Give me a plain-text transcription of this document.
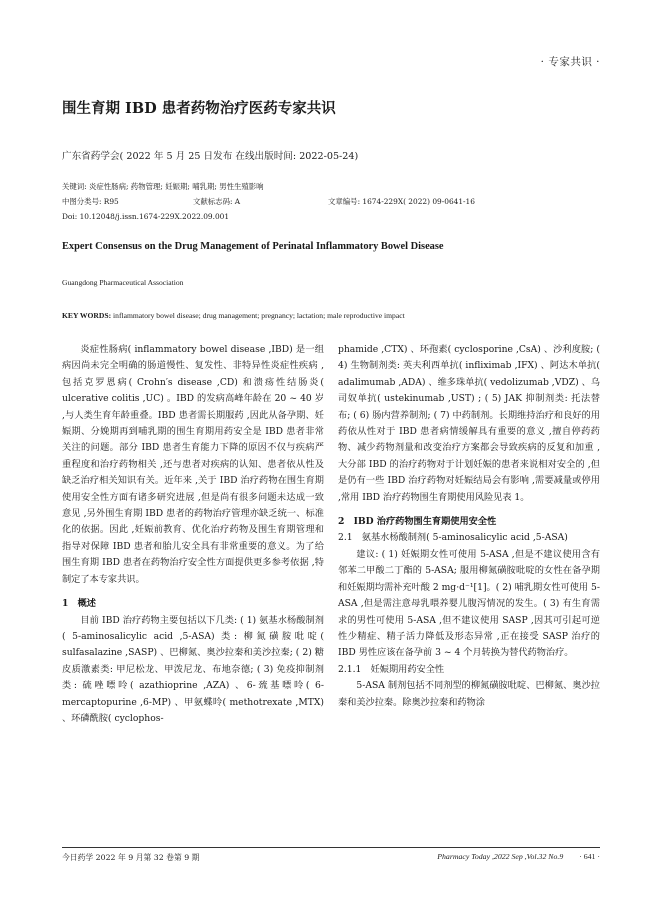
· 专家共识 ·
围生育期 IBD 患者药物治疗医药专家共识
广东省药学会( 2022 年 5 月 25 日发布 在线出版时间: 2022-05-24)
关键词: 炎症性肠病; 药物管理; 妊娠期; 哺乳期; 男性生殖影响
中图分类号: R95	文献标志码: A	文章编号: 1674-229X( 2022) 09-0641-16
Doi: 10.12048/j.issn.1674-229X.2022.09.001
Expert Consensus on the Drug Management of Perinatal Inflammatory Bowel Disease
Guangdong Pharmaceutical Association
KEY WORDS: inflammatory bowel disease; drug management; pregnancy; lactation; male reproductive impact

炎症性肠病( inflammatory bowel disease ,IBD) 是一组病因尚未完全明确的肠道慢性、复发性、非特异性炎症性疾病 ,包括克罗恩病( Crohn′s disease ,CD) 和溃疡性结肠炎( ulcerative colitis ,UC) 。IBD 的发病高峰年龄在 20 ~ 40 岁 ,与人类生育年龄重叠。IBD 患者需长期服药 ,因此从备孕期、妊娠期、分娩期再到哺乳期的围生育期用药安全是 IBD 患者非常关注的问题。部分 IBD 患者生育能力下降的原因不仅与疾病严重程度和治疗药物相关 ,还与患者对疾病的认知、患者依从性及缺乏治疗相关知识有关。近年来 ,关于 IBD 治疗药物在围生育期使用安全性方面有诸多研究进展 ,但是尚有很多问题未达成一致意见 ,另外围生育期 IBD 患者的药物治疗管理亦缺乏统一、标准化的依据。因此 ,妊娠前教育、优化治疗药物及围生育期管理和指导对保障 IBD 患者和胎儿安全具有非常重要的意义。为了给围生育期 IBD 患者在药物治疗安全性方面提供更多参考依据 ,特制定了本专家共识。

1　概述

目前 IBD 治疗药物主要包括以下几类: ( 1) 氨基水杨酸制剂( 5-aminosalicylic acid ,5-ASA) 类: 柳氮磺胺吡啶( sulfasalazine ,SASP) 、巴柳氮、奥沙拉秦和美沙拉秦; ( 2) 糖皮质激素类: 甲尼松龙、甲泼尼龙、布地奈德; ( 3) 免疫抑制剂类: 硫唑嘌呤( azathioprine ,AZA) 、6-巯基嘌呤( 6-mercaptopurine ,6-MP) 、甲氨蝶呤( methotrexate ,MTX) 、环磷酰胺( cyclophos-

phamide ,CTX) 、环孢素( cyclosporine ,CsA) 、沙利度胺; ( 4) 生物制剂类: 英夫利西单抗( infliximab ,IFX) 、阿达木单抗( adalimumab ,ADA) 、维多珠单抗( vedolizumab ,VDZ) 、乌司奴单抗( ustekinumab ,UST) ; ( 5) JAK 抑制剂类: 托法替布; ( 6) 肠内营养制剂; ( 7) 中药制剂。长期维持治疗和良好的用药依从性对于 IBD 患者病情缓解具有重要的意义 ,擅自停药药物、减少药物剂量和改变治疗方案都会导致疾病的反复和加重 ,大分部 IBD 的治疗药物对于计划妊娠的患者来说相对安全的 ,但是仍有一些 IBD 治疗药物对妊娠结局会有影响 ,需要减量或停用 ,常用 IBD 治疗药物围生育期使用风险见表 1。

2　IBD 治疗药物围生育期使用安全性

2.1　氨基水杨酸制剂( 5-aminosalicylic acid ,5-ASA)

建议: ( 1) 妊娠期女性可使用 5-ASA ,但是不建议使用含有邻苯二甲酸二丁酯的 5-ASA; 服用柳氮磺胺吡啶的女性在备孕期和妊娠期均需补充叶酸 2 mg·d⁻¹[1]。( 2) 哺乳期女性可使用 5-ASA ,但是需注意母乳喂养婴儿腹泻情况的发生。( 3) 有生育需求的男性可使用 5-ASA ,但不建议使用 SASP ,因其可引起可逆性少精症、精子活力降低及形态异常 ,正在接受 SASP 治疗的 IBD 男性应该在备孕前 3 ~ 4 个月转换为替代药物治疗。

2.1.1　妊娠期用药安全性

5-ASA 制剂包括不同剂型的柳氮磺胺吡啶、巴柳氮、奥沙拉秦和美沙拉秦。除奥沙拉秦和药物涂

今日药学 2022 年 9 月第 32 卷第 9 期	Pharmacy Today ,2022 Sep ,Vol.32 No.9 · 641 ·
